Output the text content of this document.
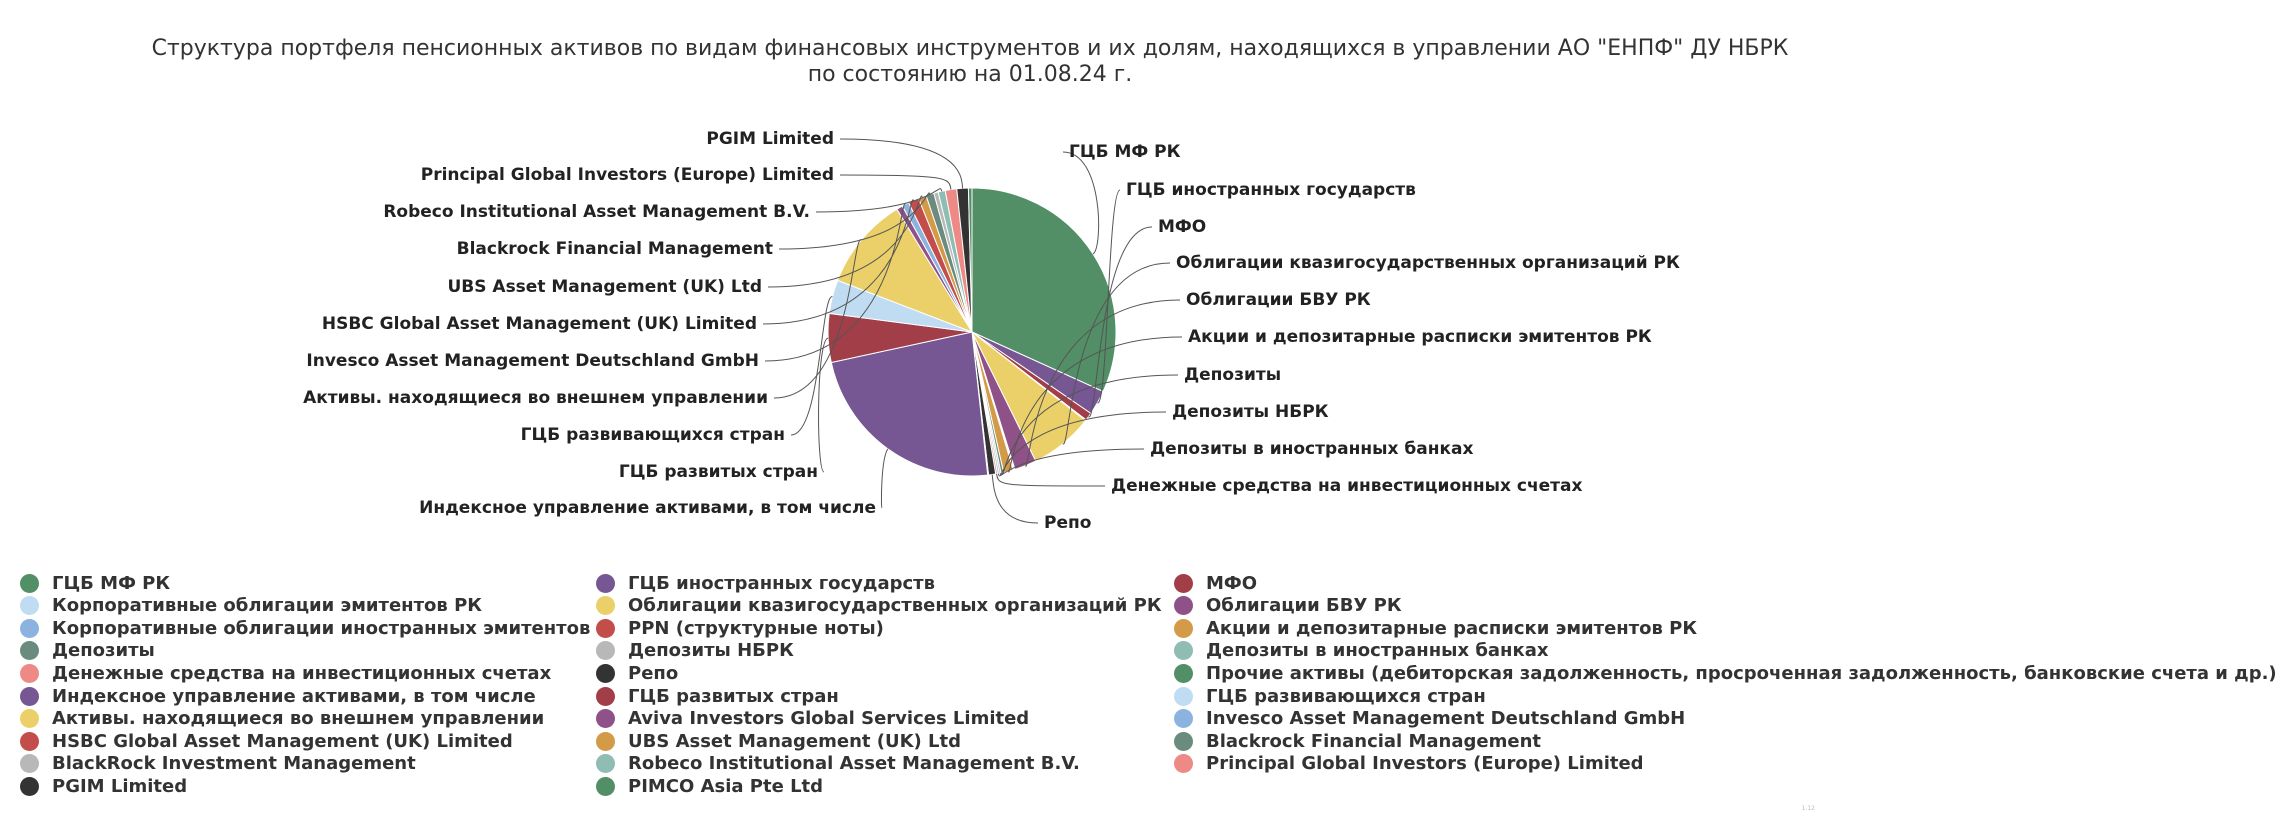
Структура портфеля пенсионных активов по видам финансовых инструментов и их долям, находящихся в управлении АО "ЕНПФ" ДУ НБРК
по состоянию на 01.08.24 г.
ГЦБ МФ РК
ГЦБ иностранных государств
МФО
Облигации квазигосударственных организаций РК
Облигации БВУ РК
Акции и депозитарные расписки эмитентов РК
Депозиты
Депозиты НБРК
Депозиты в иностранных банках
Денежные средства на инвестиционных счетах
Репо
PGIM Limited
Principal Global Investors (Europe) Limited
Robeco Institutional Asset Management B.V.
Blackrock Financial Management
UBS Asset Management (UK) Ltd
HSBC Global Asset Management (UK) Limited
Invesco Asset Management Deutschland GmbH
Активы. находящиеся во внешнем управлении
ГЦБ развивающихся стран
ГЦБ развитых стран
Индексное управление активами, в том числе
ГЦБ МФ РК	ГЦБ иностранных государств	МФО
Корпоративные облигации эмитентов РК	Облигации квазигосударственных организаций РК Облигации БВУ РК
Корпоративные облигации иностранных эмитентов PPN (структурные ноты)	Акции и депозитарные расписки эмитентов РК
Депозиты	Депозиты НБРК	Депозиты в иностранных банках
Денежные средства на инвестиционных счетах	Репо	Прочие активы (дебиторская задолженность, просроченная задолженность, банковские счета и др.)
Индексное управление активами, в том числе	ГЦБ развитых стран	ГЦБ развивающихся стран
Активы. находящиеся во внешнем управлении	Aviva Investors Global Services Limited	Invesco Asset Management Deutschland GmbH
HSBC Global Asset Management (UK) Limited	UBS Asset Management (UK) Ltd	Blackrock Financial Management
BlackRock Investment Management	Robeco Institutional Asset Management B.V.	Principal Global Investors (Europe) Limited
PGIM Limited	PIMCO Asia Pte Ltd
1.12
